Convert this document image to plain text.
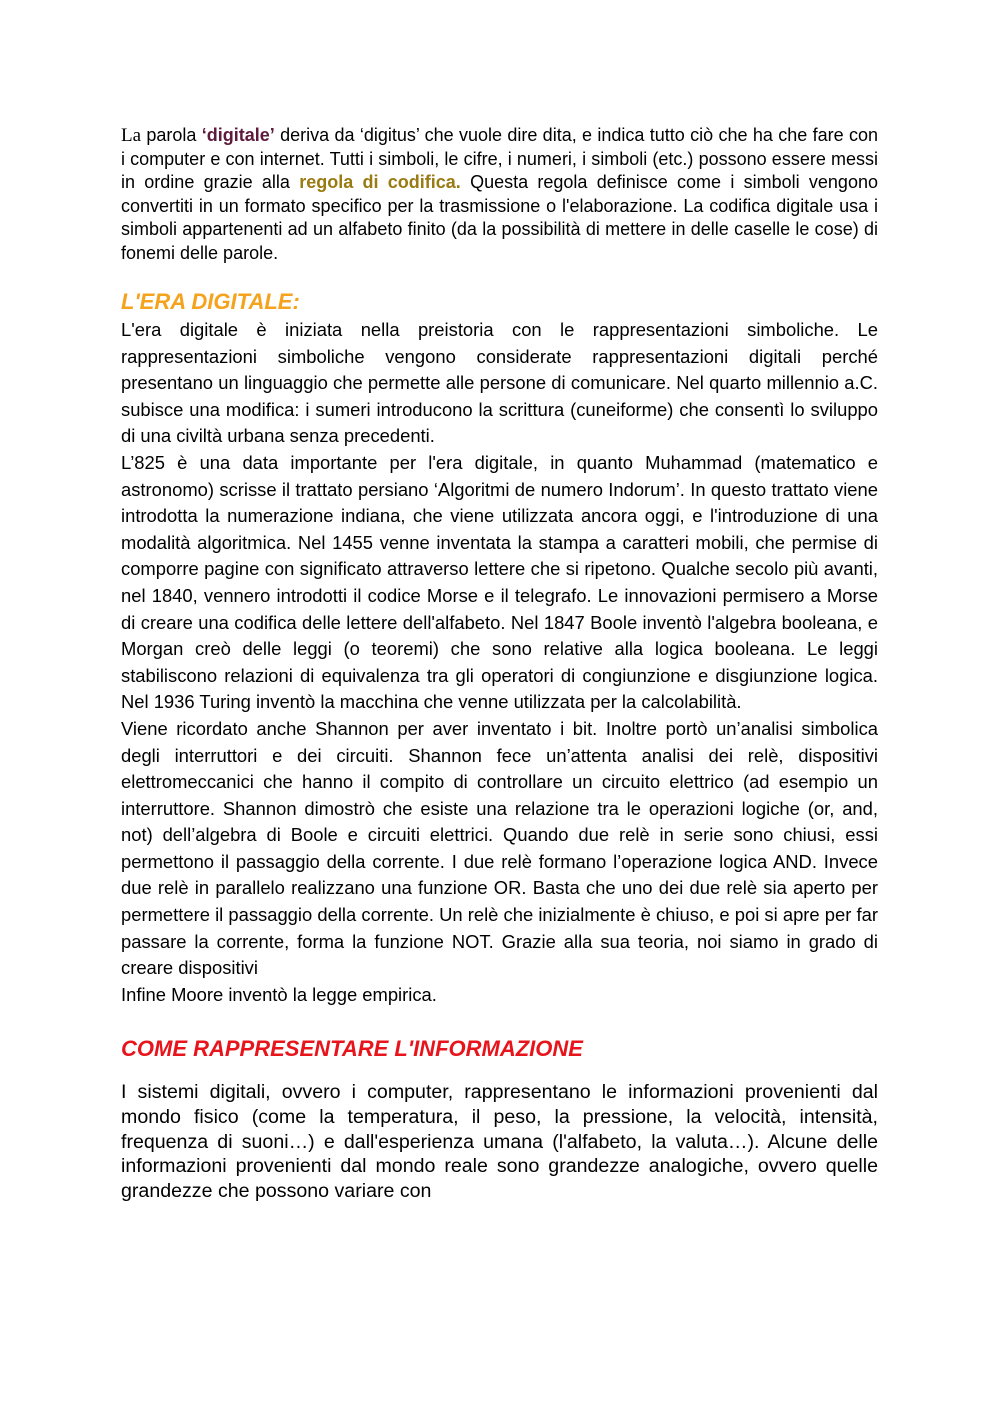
La parola ‘digitale’ deriva da ‘digitus’ che vuole dire dita, e indica tutto ciò che ha che fare con i computer e con internet. Tutti i simboli, le cifre, i numeri, i simboli (etc.) possono essere messi in ordine grazie alla regola di codifica. Questa regola definisce come i simboli vengono convertiti in un formato specifico per la trasmissione o l'elaborazione. La codifica digitale usa i simboli appartenenti ad un alfabeto finito (da la possibilità di mettere in delle caselle le cose) di fonemi delle parole.

L'ERA DIGITALE:

L'era digitale è iniziata nella preistoria con le rappresentazioni simboliche. Le rappresentazioni simboliche vengono considerate rappresentazioni digitali perché presentano un linguaggio che permette alle persone di comunicare. Nel quarto millennio a.C. subisce una modifica: i sumeri introducono la scrittura (cuneiforme) che consentì lo sviluppo di una civiltà urbana senza precedenti.

L’825 è una data importante per l'era digitale, in quanto Muhammad (matematico e astronomo) scrisse il trattato persiano ‘Algoritmi de numero Indorum’. In questo trattato viene introdotta la numerazione indiana, che viene utilizzata ancora oggi, e l'introduzione di una modalità algoritmica. Nel 1455 venne inventata la stampa a caratteri mobili, che permise di comporre pagine con significato attraverso lettere che si ripetono. Qualche secolo più avanti, nel 1840, vennero introdotti il codice Morse e il telegrafo. Le innovazioni permisero a Morse di creare una codifica delle lettere dell'alfabeto. Nel 1847 Boole inventò l'algebra booleana, e Morgan creò delle leggi (o teoremi) che sono relative alla logica booleana. Le leggi stabiliscono relazioni di equivalenza tra gli operatori di congiunzione e disgiunzione logica. Nel 1936 Turing inventò la macchina che venne utilizzata per la calcolabilità.

Viene ricordato anche Shannon per aver inventato i bit. Inoltre portò un’analisi simbolica degli interruttori e dei circuiti. Shannon fece un’attenta analisi dei relè, dispositivi elettromeccanici che hanno il compito di controllare un circuito elettrico (ad esempio un interruttore. Shannon dimostrò che esiste una relazione tra le operazioni logiche (or, and, not) dell’algebra di Boole e circuiti elettrici. Quando due relè in serie sono chiusi, essi permettono il passaggio della corrente. I due relè formano l’operazione logica AND. Invece due relè in parallelo realizzano una funzione OR. Basta che uno dei due relè sia aperto per permettere il passaggio della corrente. Un relè che inizialmente è chiuso, e poi si apre per far passare la corrente, forma la funzione NOT. Grazie alla sua teoria, noi siamo in grado di creare dispositivi

Infine Moore inventò la legge empirica.

COME RAPPRESENTARE L'INFORMAZIONE

I sistemi digitali, ovvero i computer, rappresentano le informazioni provenienti dal mondo fisico (come la temperatura, il peso, la pressione, la velocità, intensità, frequenza di suoni…) e dall'esperienza umana (l'alfabeto, la valuta…). Alcune delle informazioni provenienti dal mondo reale sono grandezze analogiche, ovvero quelle grandezze che possono variare con
